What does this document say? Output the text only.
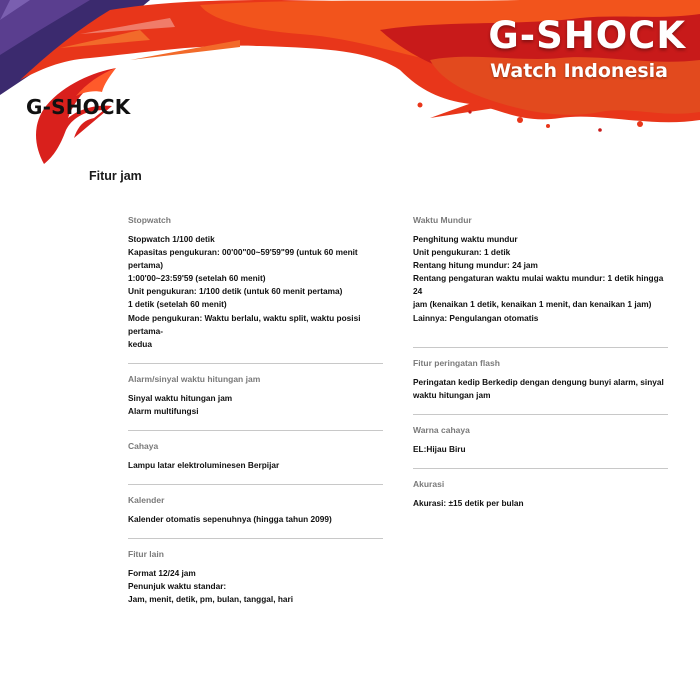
G-SHOCK
Watch Indonesia
G-SHOCK
Fitur jam
Stopwatch
Stopwatch 1/100 detik
Kapasitas pengukuran: 00'00"00~59'59"99 (untuk 60 menit
pertama)
1:00'00~23:59'59 (setelah 60 menit)
Unit pengukuran: 1/100 detik (untuk 60 menit pertama)
1 detik (setelah 60 menit)
Mode pengukuran: Waktu berlalu, waktu split, waktu posisi pertama-
kedua
Alarm/sinyal waktu hitungan jam
Sinyal waktu hitungan jam
Alarm multifungsi
Cahaya
Lampu latar elektroluminesen Berpijar
Kalender
Kalender otomatis sepenuhnya (hingga tahun 2099)
Fitur lain
Format 12/24 jam
Penunjuk waktu standar:
Jam, menit, detik, pm, bulan, tanggal, hari
Waktu Mundur
Penghitung waktu mundur
Unit pengukuran: 1 detik
Rentang hitung mundur: 24 jam
Rentang pengaturan waktu mulai waktu mundur: 1 detik hingga 24
jam (kenaikan 1 detik, kenaikan 1 menit, dan kenaikan 1 jam)
Lainnya: Pengulangan otomatis
Fitur peringatan flash
Peringatan kedip Berkedip dengan dengung bunyi alarm, sinyal
waktu hitungan jam
Warna cahaya
EL:Hijau Biru
Akurasi
Akurasi: ±15 detik per bulan
